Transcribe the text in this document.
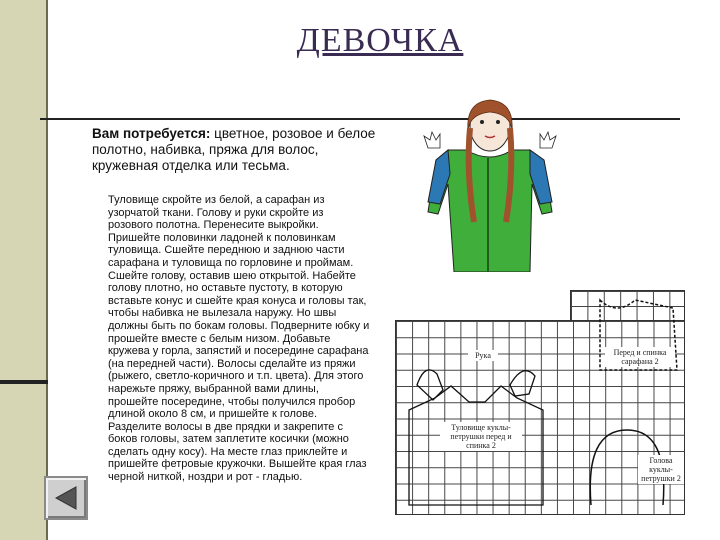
ДЕВОЧКА
Вам потребуется: цветное, розовое и белое полотно, набивка, пряжа для волос, кружевная отделка или тесьма.
Туловище скройте из белой, а сарафан из узорчатой ткани. Голову и руки скройте из розового полотна. Перенесите выкройки. Пришейте половинки ладоней к половинкам туловища. Сшейте переднюю и заднюю части сарафана и туловища по горловине и проймам. Сшейте голову, оставив шею открытой. Набейте голову плотно, но оставьте пустоту, в которую вставьте конус и сшейте края конуса и головы так, чтобы набивка не вылезала наружу. Но швы должны быть по бокам головы. Подверните юбку и прошейте вместе с белым низом. Добавьте кружева у горла, запястий и посередине сарафана (на передней части). Волосы сделайте из пряжи (рыжего, светло-коричного и т.п. цвета). Для этого нарежьте пряжу, выбранной вами длины, прошейте посередине, чтобы получился пробор длиной около 8 см, и пришейте к голове. Разделите волосы в две прядки и закрепите с боков головы, затем заплетите косички (можно сделать одну косу). На месте глаз приклейте и пришейте фетровые кружочки. Вышейте края глаз черной ниткой, ноздри и рот - гладью.
Рука	Перед и спинка сарафана 2
Туловище куклы-петрушки перед и спинка 2
Голова куклы-петрушки 2
